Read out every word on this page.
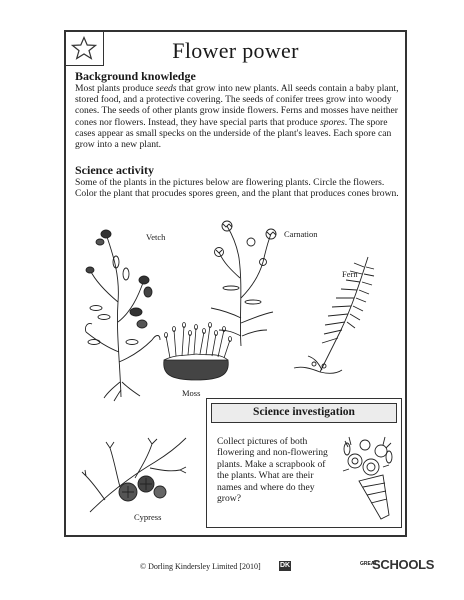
Flower power
Background knowledge
Most plants produce seeds that grow into new plants. All seeds contain a baby plant, stored food, and a protective covering. The seeds of conifer trees grow into woody cones. The seeds of other plants grow inside flowers. Ferns and mosses have neither cones nor flowers. Instead, they have special parts that produce spores. The spore cases appear as small specks on the underside of the plant's leaves. Each spore can grow into a new plant.
Science activity
Some of the plants in the pictures below are flowering plants. Circle the flowers. Color the plant that procudes spores green, and the plant that produces cones brown.
Vetch	Carnation
Fern
Moss
Cypress
Science investigation
Collect pictures of both flowering and non-flowering plants. Make a scrapbook of the plants. What are their names and where do they grow?
© Dorling Kindersley Limited [2010]	DK	GREATSCHOOLS
